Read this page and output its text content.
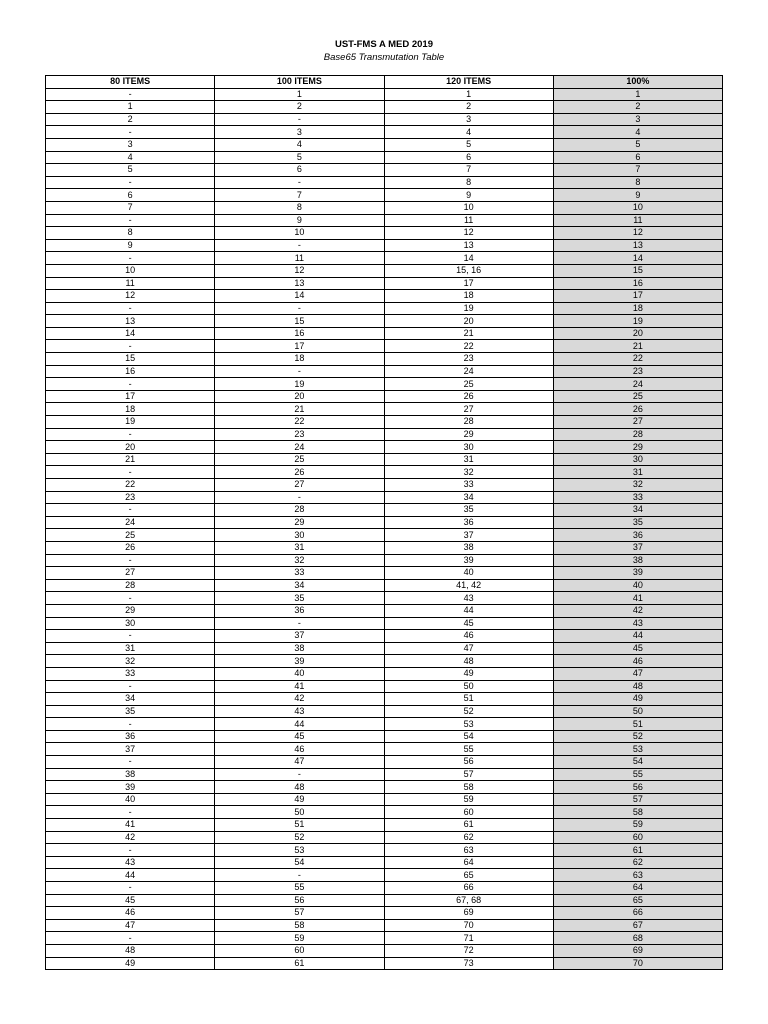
UST-FMS A MED 2019
Base65 Transmutation Table
80 ITEMS	100 ITEMS	120 ITEMS	100%
-	1	1	1
1	2	2	2
2	-	3	3
-	3	4	4
3	4	5	5
4	5	6	6
5	6	7	7
-	-	8	8
6	7	9	9
7	8	10	10
-	9	11	11
8	10	12	12
9	-	13	13
-	11	14	14
10	12	15, 16	15
11	13	17	16
12	14	18	17
-	-	19	18
13	15	20	19
14	16	21	20
-	17	22	21
15	18	23	22
16	-	24	23
-	19	25	24
17	20	26	25
18	21	27	26
19	22	28	27
-	23	29	28
20	24	30	29
21	25	31	30
-	26	32	31
22	27	33	32
23	-	34	33
-	28	35	34
24	29	36	35
25	30	37	36
26	31	38	37
-	32	39	38
27	33	40	39
28	34	41, 42	40
-	35	43	41
29	36	44	42
30	-	45	43
-	37	46	44
31	38	47	45
32	39	48	46
33	40	49	47
-	41	50	48
34	42	51	49
35	43	52	50
-	44	53	51
36	45	54	52
37	46	55	53
-	47	56	54
38	-	57	55
39	48	58	56
40	49	59	57
-	50	60	58
41	51	61	59
42	52	62	60
-	53	63	61
43	54	64	62
44	-	65	63
-	55	66	64
45	56	67, 68	65
46	57	69	66
47	58	70	67
-	59	71	68
48	60	72	69
49	61	73	70
